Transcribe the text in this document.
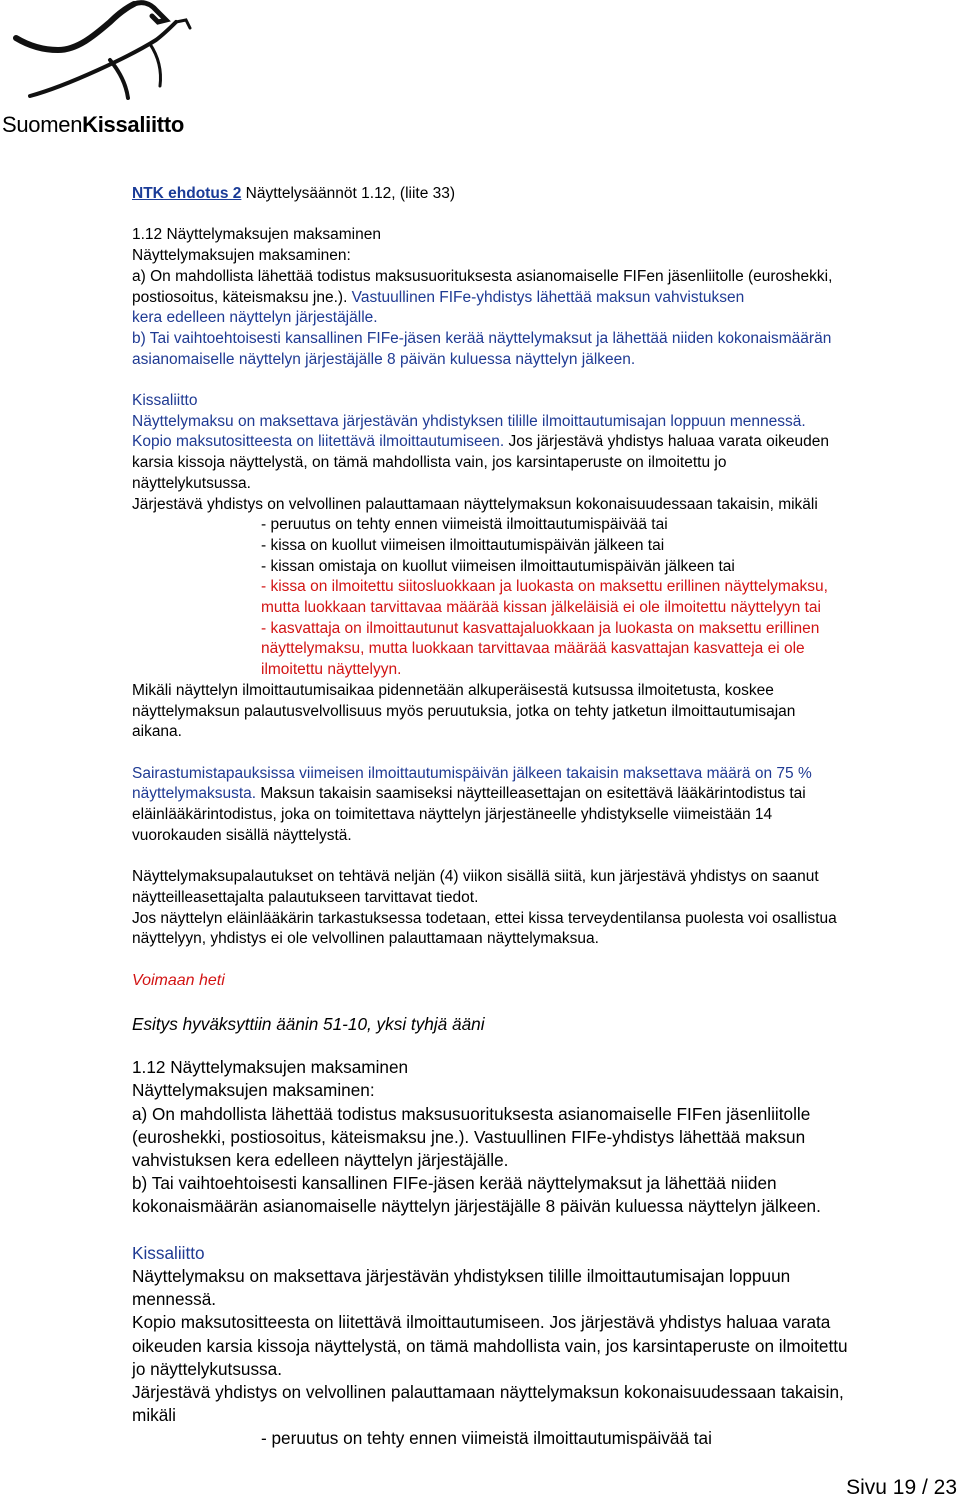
SuomenKissaliitto

NTK ehdotus 2 Näyttelysäännöt 1.12, (liite 33)

1.12 Näyttelymaksujen maksaminen

Näyttelymaksujen maksaminen:

a) On mahdollista lähettää todistus maksusuorituksesta asianomaiselle FIFen jäsenliitolle (euroshekki,

postiosoitus, käteismaksu jne.). Vastuullinen FIFe-yhdistys lähettää maksun vahvistuksen

kera edelleen näyttelyn järjestäjälle.

b) Tai vaihtoehtoisesti kansallinen FIFe-jäsen kerää näyttelymaksut ja lähettää niiden kokonaismäärän

asianomaiselle näyttelyn järjestäjälle 8 päivän kuluessa näyttelyn jälkeen.

Kissaliitto

Näyttelymaksu on maksettava järjestävän yhdistyksen tilille ilmoittautumisajan loppuun mennessä.

Kopio maksutositteesta on liitettävä ilmoittautumiseen. Jos järjestävä yhdistys haluaa varata oikeuden

karsia kissoja näyttelystä, on tämä mahdollista vain, jos karsintaperuste on ilmoitettu jo

näyttelykutsussa.

Järjestävä yhdistys on velvollinen palauttamaan näyttelymaksun kokonaisuudessaan takaisin, mikäli

- peruutus on tehty ennen viimeistä ilmoittautumispäivää tai

- kissa on kuollut viimeisen ilmoittautumispäivän jälkeen tai

- kissan omistaja on kuollut viimeisen ilmoittautumispäivän jälkeen tai

- kissa on ilmoitettu siitosluokkaan ja luokasta on maksettu erillinen näyttelymaksu,

mutta luokkaan tarvittavaa määrää kissan jälkeläisiä ei ole ilmoitettu näyttelyyn tai

- kasvattaja on ilmoittautunut kasvattajaluokkaan ja luokasta on maksettu erillinen

näyttelymaksu, mutta luokkaan tarvittavaa määrää kasvattajan kasvatteja ei ole

ilmoitettu näyttelyyn.

Mikäli näyttelyn ilmoittautumisaikaa pidennetään alkuperäisestä kutsussa ilmoitetusta, koskee

näyttelymaksun palautusvelvollisuus myös peruutuksia, jotka on tehty jatketun ilmoittautumisajan

aikana.

Sairastumistapauksissa viimeisen ilmoittautumispäivän jälkeen takaisin maksettava määrä on 75 %

näyttelymaksusta. Maksun takaisin saamiseksi näytteilleasettajan on esitettävä lääkärintodistus tai

eläinlääkärintodistus, joka on toimitettava näyttelyn järjestäneelle yhdistykselle viimeistään 14

vuorokauden sisällä näyttelystä.

Näyttelymaksupalautukset on tehtävä neljän (4) viikon sisällä siitä, kun järjestävä yhdistys on saanut

näytteilleasettajalta palautukseen tarvittavat tiedot.

Jos näyttelyn eläinlääkärin tarkastuksessa todetaan, ettei kissa terveydentilansa puolesta voi osallistua

näyttelyyn, yhdistys ei ole velvollinen palauttamaan näyttelymaksua.

Voimaan heti

Esitys hyväksyttiin äänin 51-10, yksi tyhjä ääni

1.12 Näyttelymaksujen maksaminen

Näyttelymaksujen maksaminen:

a) On mahdollista lähettää todistus maksusuorituksesta asianomaiselle FIFen jäsenliitolle

(euroshekki, postiosoitus, käteismaksu jne.). Vastuullinen FIFe-yhdistys lähettää maksun

vahvistuksen kera edelleen näyttelyn järjestäjälle.

b) Tai vaihtoehtoisesti kansallinen FIFe-jäsen kerää näyttelymaksut ja lähettää niiden

kokonaismäärän asianomaiselle näyttelyn järjestäjälle 8 päivän kuluessa näyttelyn jälkeen.

Kissaliitto

Näyttelymaksu on maksettava järjestävän yhdistyksen tilille ilmoittautumisajan loppuun

mennessä.

Kopio maksutositteesta on liitettävä ilmoittautumiseen. Jos järjestävä yhdistys haluaa varata

oikeuden karsia kissoja näyttelystä, on tämä mahdollista vain, jos karsintaperuste on ilmoitettu

jo näyttelykutsussa.

Järjestävä yhdistys on velvollinen palauttamaan näyttelymaksun kokonaisuudessaan takaisin,

mikäli

- peruutus on tehty ennen viimeistä ilmoittautumispäivää tai

Sivu 19 / 23
